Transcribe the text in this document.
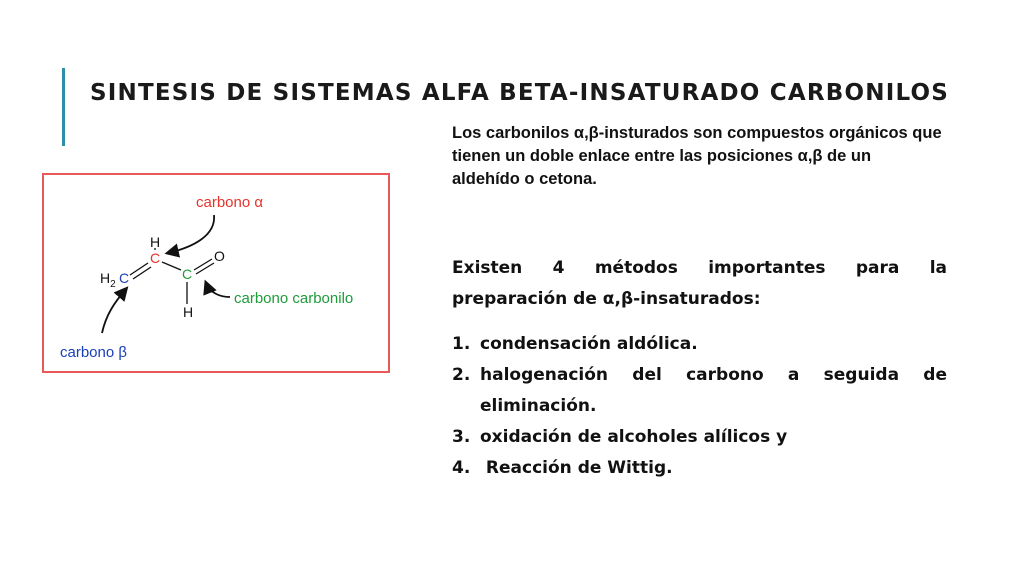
SINTESIS DE SISTEMAS ALFA BETA-INSATURADO CARBONILOS
carbono α
carbono carbonilo
carbono β
H
C	O
$H_2$ C	C
H

Los carbonilos α,β-insturados son compuestos orgánicos que tienen un doble enlace entre las posiciones α,β de un aldehído o cetona.

Existen 4 métodos importantes para la

preparación de α,β-insaturados:

1. condensación aldólica.
2. halogenación del carbono a seguida de eliminación.
3. oxidación de alcoholes alílicos y
4. Reacción de Wittig.
